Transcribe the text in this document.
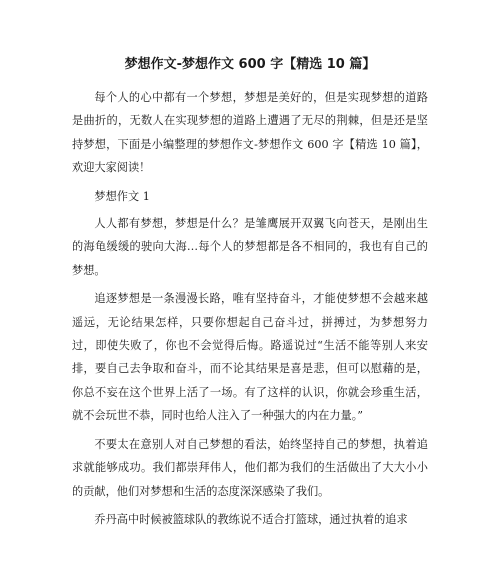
梦想作文-梦想作文 600 字【精选 10 篇】

每个人的心中都有一个梦想，梦想是美好的，但是实现梦想的道路是曲折的，无数人在实现梦想的道路上遭遇了无尽的荆棘，但是还是坚持梦想，下面是小编整理的梦想作文-梦想作文 600 字【精选 10 篇】，欢迎大家阅读！

梦想作文 1

人人都有梦想，梦想是什么？是雏鹰展开双翼飞向苍天，是刚出生的海龟缓缓的驶向大海…每个人的梦想都是各不相同的，我也有自己的梦想。

追逐梦想是一条漫漫长路，唯有坚持奋斗，才能使梦想不会越来越遥远，无论结果怎样，只要你想起自己奋斗过，拼搏过，为梦想努力过，即使失败了，你也不会觉得后悔。路遥说过“生活不能等别人来安排，要自己去争取和奋斗，而不论其结果是喜是悲，但可以慰藉的是，你总不妄在这个世界上活了一场。有了这样的认识，你就会珍重生活，就不会玩世不恭，同时也给人注入了一种强大的内在力量。”

不要太在意别人对自己梦想的看法，始终坚持自己的梦想，执着追求就能够成功。我们都崇拜伟人，他们都为我们的生活做出了大大小小的贡献，他们对梦想和生活的态度深深感染了我们。

乔丹高中时候被篮球队的教练说不适合打篮球，通过执着的追求
